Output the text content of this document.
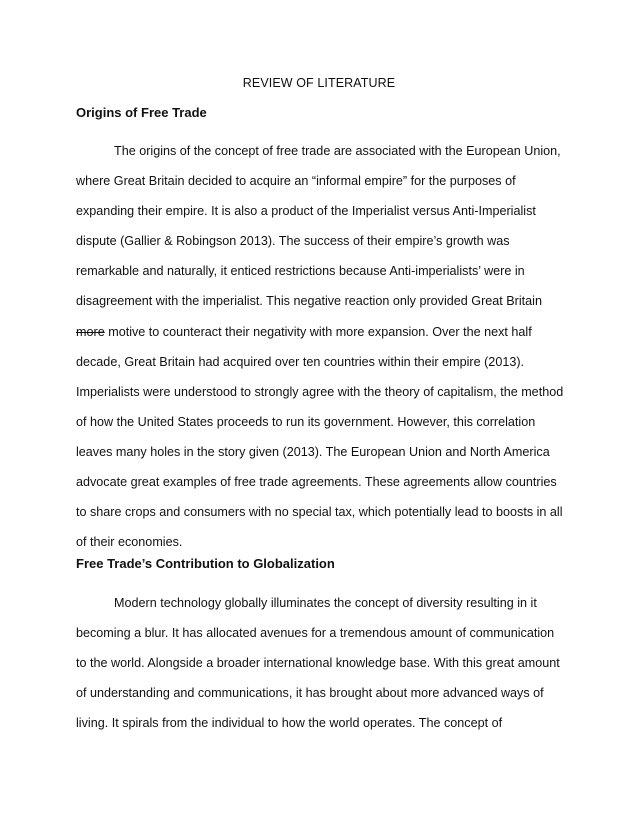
REVIEW OF LITERATURE
Origins of Free Trade
The origins of the concept of free trade are associated with the European Union,
where Great Britain decided to acquire an “informal empire” for the purposes of
expanding their empire. It is also a product of the Imperialist versus Anti-Imperialist
dispute (Gallier & Robingson 2013). The success of their empire’s growth was
remarkable and naturally, it enticed restrictions because Anti-imperialists’ were in
disagreement with the imperialist. This negative reaction only provided Great Britain
more motive to counteract their negativity with more expansion. Over the next half
decade, Great Britain had acquired over ten countries within their empire (2013).
Imperialists were understood to strongly agree with the theory of capitalism, the method
of how the United States proceeds to run its government. However, this correlation
leaves many holes in the story given (2013). The European Union and North America
advocate great examples of free trade agreements. These agreements allow countries
to share crops and consumers with no special tax, which potentially lead to boosts in all
of their economies.
Free Trade’s Contribution to Globalization
Modern technology globally illuminates the concept of diversity resulting in it
becoming a blur. It has allocated avenues for a tremendous amount of communication
to the world. Alongside a broader international knowledge base. With this great amount
of understanding and communications, it has brought about more advanced ways of
living. It spirals from the individual to how the world operates. The concept of
